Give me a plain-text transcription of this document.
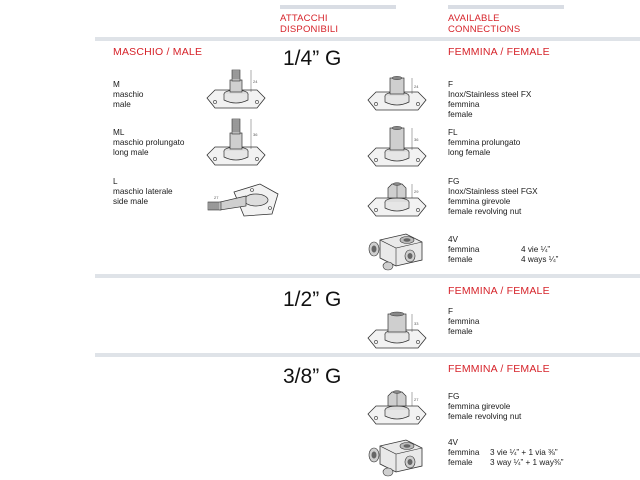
ATTACCHI
DISPONIBILI
AVAILABLE
CONNECTIONS
MASCHIO / MALE	1/4” G	FEMMINA / FEMALE
M
maschio
male
ML
maschio prolungato
long male
L
maschio laterale
side male
24
36
27
24	F
Inox/Stainless steel FX
femmina
female
36
FL
femmina prolungato
long female
29
FG
Inox/Stainless steel FGX
femmina girevole
female revolving nut
4V
femmina
female
4 vie ¼”
4 ways ¼”
1/2” G	FEMMINA / FEMALE
33
F
femmina
female
3/8” G	FEMMINA / FEMALE
27	FG
femmina girevole
female revolving nut
4V
femmina
female
3 vie ¼” + 1 via ⅜”
3 way ¼” + 1 way⅜”
